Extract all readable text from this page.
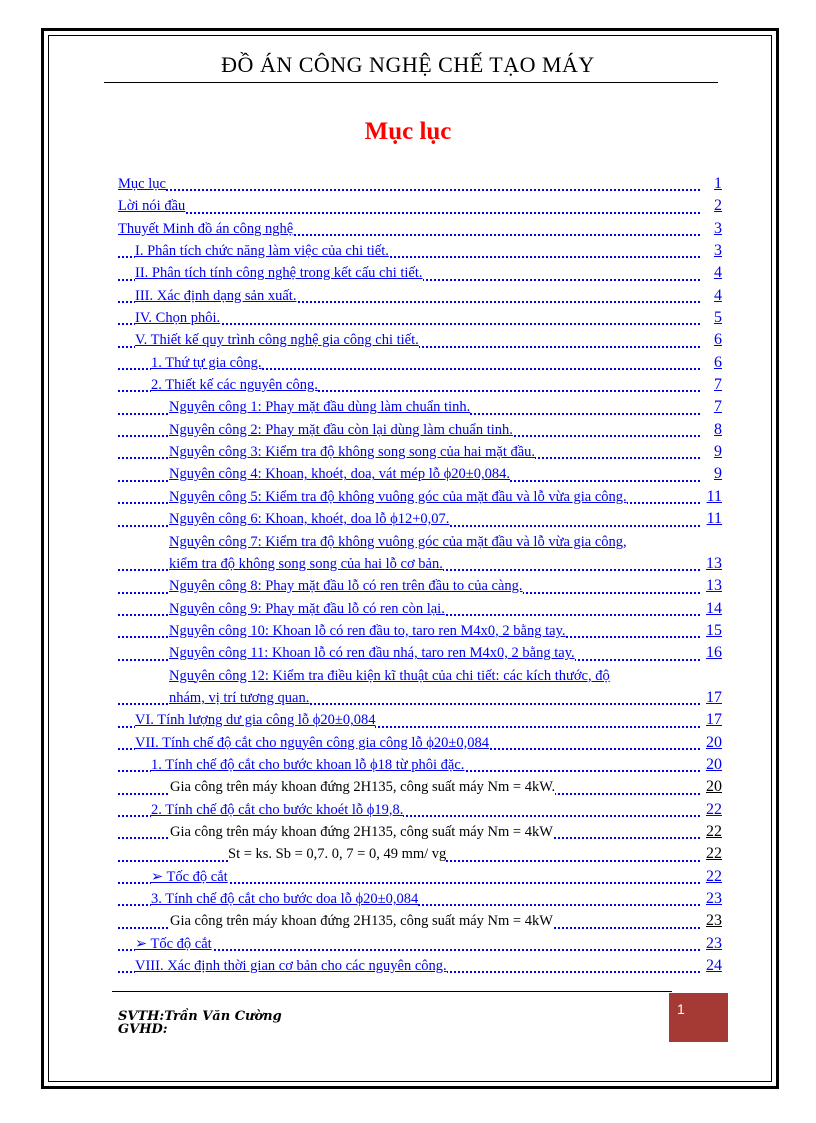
ĐỒ ÁN CÔNG NGHỆ CHẾ TẠO MÁY
Mục lục
Mục lục	1
Lời nói đầu	2
Thuyết Minh đồ án công nghệ	3
I. Phân tích chức năng làm việc của chi tiết.	3
II. Phân tích tính công nghệ trong kết cấu chi tiết.	4
III. Xác định dạng sản xuất.	4
IV. Chọn phôi.	5
V. Thiết kế quy trình công nghệ gia công chi tiết.	6
1. Thứ tự gia công.	6
2. Thiết kế các nguyên công.	7
Nguyên công 1: Phay mặt đầu dùng làm chuẩn tinh.	7
Nguyên công 2: Phay mặt đầu còn lại dùng làm chuẩn tinh.	8
Nguyên công 3: Kiểm tra độ không song song của hai mặt đầu.	9
Nguyên công 4: Khoan, khoét, doa, vát mép lỗ ϕ20±0,084.	9
Nguyên công 5: Kiểm tra độ không vuông góc của mặt đầu và lỗ vừa gia công.	11
Nguyên công 6: Khoan, khoét, doa lỗ ϕ12+0,07.	11
Nguyên công 7: Kiểm tra độ không vuông góc của mặt đầu và lỗ vừa gia công,
kiểm tra độ không song song của hai lỗ cơ bản.	13
Nguyên công 8: Phay mặt đầu lỗ có ren trên đầu to của càng.	13
Nguyên công 9: Phay mặt đầu lỗ có ren còn lại.	14
Nguyên công 10: Khoan lỗ có ren đầu to, taro ren M4x0, 2 bằng tay.	15
Nguyên công 11: Khoan lỗ có ren đầu nhá, taro ren M4x0, 2 bằng tay.	16
Nguyên công 12: Kiểm tra điều kiện kĩ thuật của chi tiết: các kích thước, độ
nhám, vị trí tương quan.	17
VI. Tính lượng dư gia công lỗ ϕ20±0,084	17
VII. Tính chế độ cắt cho nguyên công gia công lỗ ϕ20±0,084	20
1. Tính chế độ cắt cho bước khoan lỗ ϕ18 từ phôi đặc.	20
Gia công trên máy khoan đứng 2H135, công suất máy Nm = 4kW.	20
2. Tính chế độ cắt cho bước khoét lỗ ϕ19,8.	22
Gia công trên máy khoan đứng 2H135, công suất máy Nm = 4kW	22
St = ks. Sb = 0,7. 0, 7 = 0, 49 mm/ vg	22
➢ Tốc độ cắt	22
3. Tính chế độ cắt cho bước doa lỗ ϕ20±0,084	23
Gia công trên máy khoan đứng 2H135, công suất máy Nm = 4kW	23
➢ Tốc độ cắt	23
VIII. Xác định thời gian cơ bản cho các nguyên công.	24
SVTH:Trần Văn Cường
GVHD:
1
